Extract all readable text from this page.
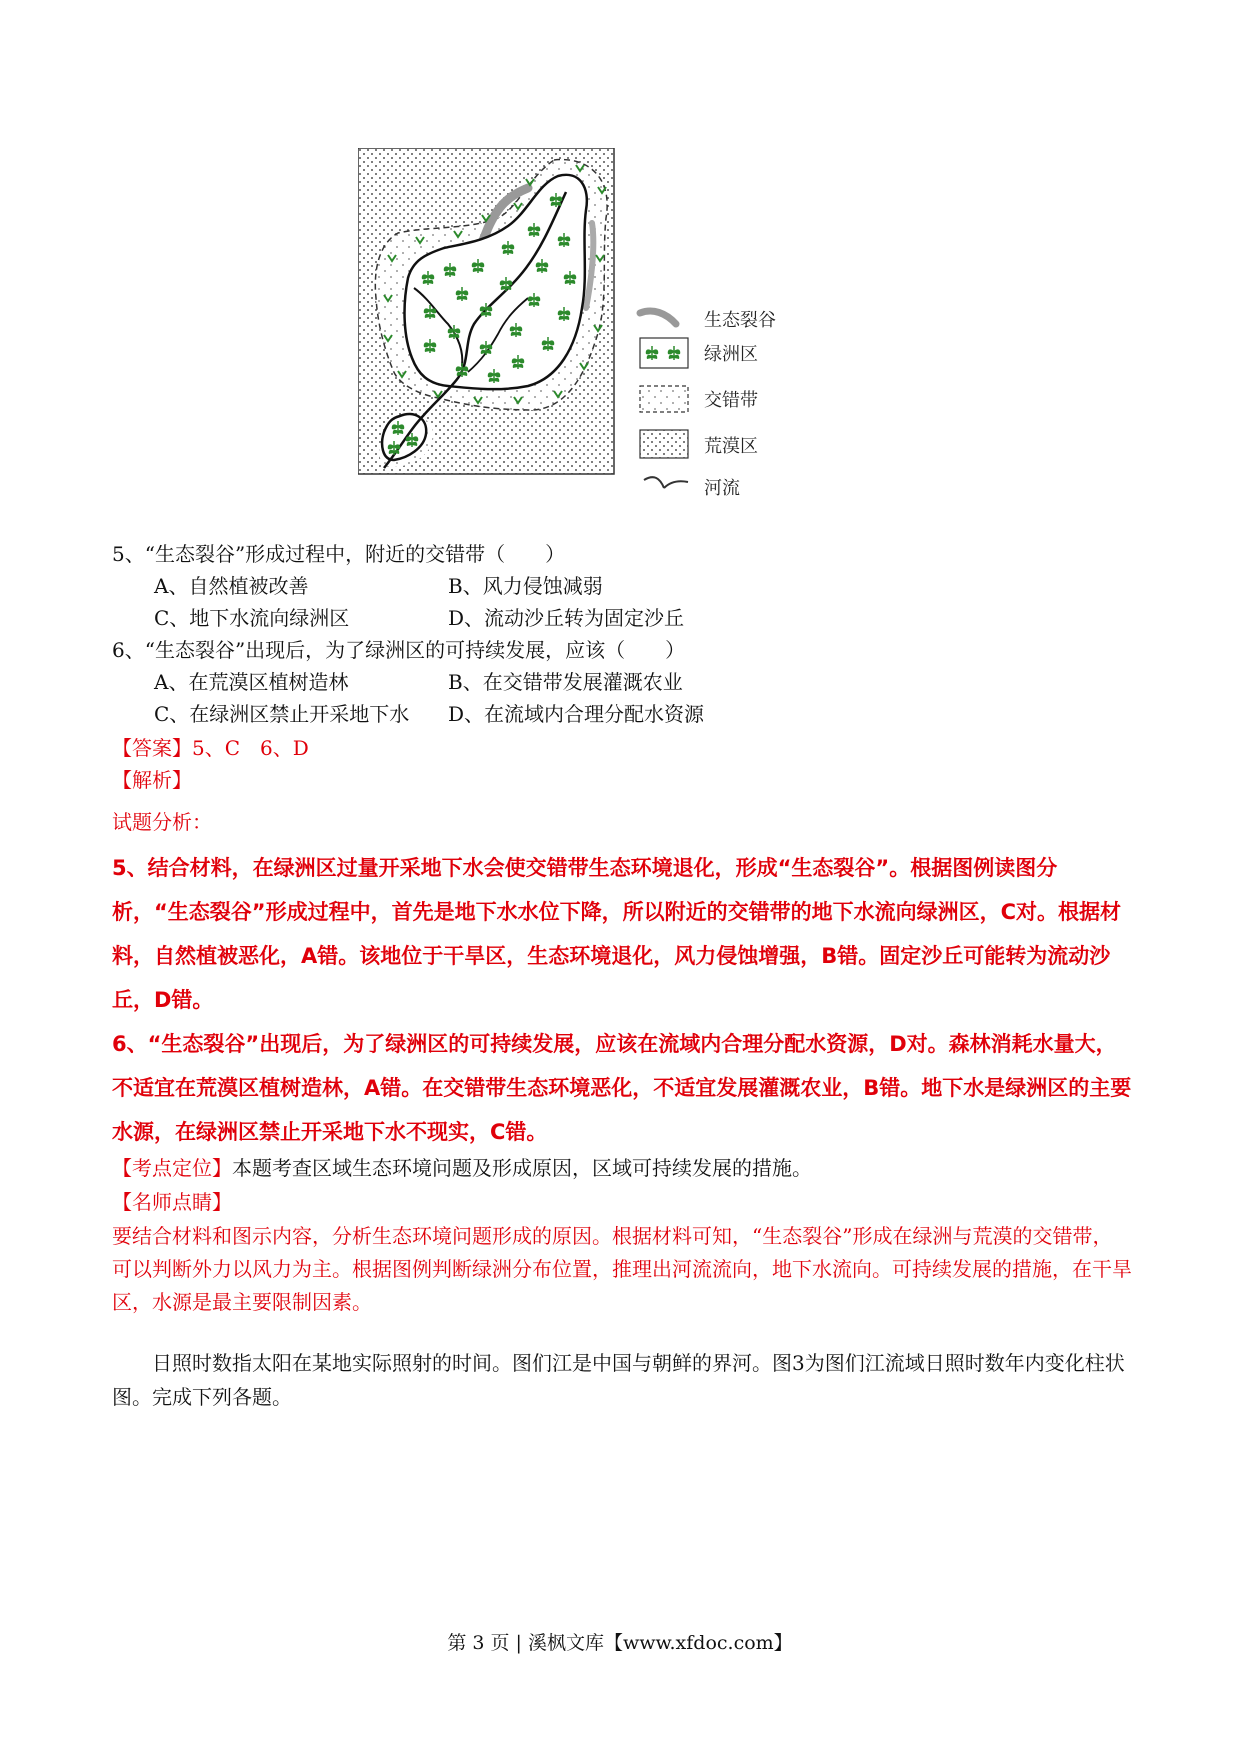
生态裂谷
绿洲区
交错带
荒漠区
河流
5、“生态裂谷”形成过程中，附近的交错带（　　）
A、自然植被改善	B、风力侵蚀减弱
C、地下水流向绿洲区	D、流动沙丘转为固定沙丘
6、“生态裂谷”出现后，为了绿洲区的可持续发展，应该（　　）
A、在荒漠区植树造林	B、在交错带发展灌溉农业
C、在绿洲区禁止开采地下水 D、在流域内合理分配水资源
【答案】5、C　6、D
【解析】
试题分析：

5、结合材料，在绿洲区过量开采地下水会使交错带生态环境退化，形成“生态裂谷”。根据图例读图分析，“生态裂谷”形成过程中，首先是地下水水位下降，所以附近的交错带的地下水流向绿洲区，C对。根据材料，自然植被恶化，A错。该地位于干旱区，生态环境退化，风力侵蚀增强，B错。固定沙丘可能转为流动沙丘，D错。

6、“生态裂谷”出现后，为了绿洲区的可持续发展，应该在流域内合理分配水资源，D对。森林消耗水量大，不适宜在荒漠区植树造林，A错。在交错带生态环境恶化，不适宜发展灌溉农业，B错。地下水是绿洲区的主要水源，在绿洲区禁止开采地下水不现实，C错。

【考点定位】本题考查区域生态环境问题及形成原因，区域可持续发展的措施。
【名师点睛】
要结合材料和图示内容，分析生态环境问题形成的原因。根据材料可知，“生态裂谷”形成在绿洲与荒漠的交错带，可以判断外力以风力为主。根据图例判断绿洲分布位置，推理出河流流向，地下水流向。可持续发展的措施，在干旱区，水源是最主要限制因素。
日照时数指太阳在某地实际照射的时间。图们江是中国与朝鲜的界河。图3为图们江流域日照时数年内变化柱状图。完成下列各题。
第 3 页 | 溪枫文库【www.xfdoc.com】
